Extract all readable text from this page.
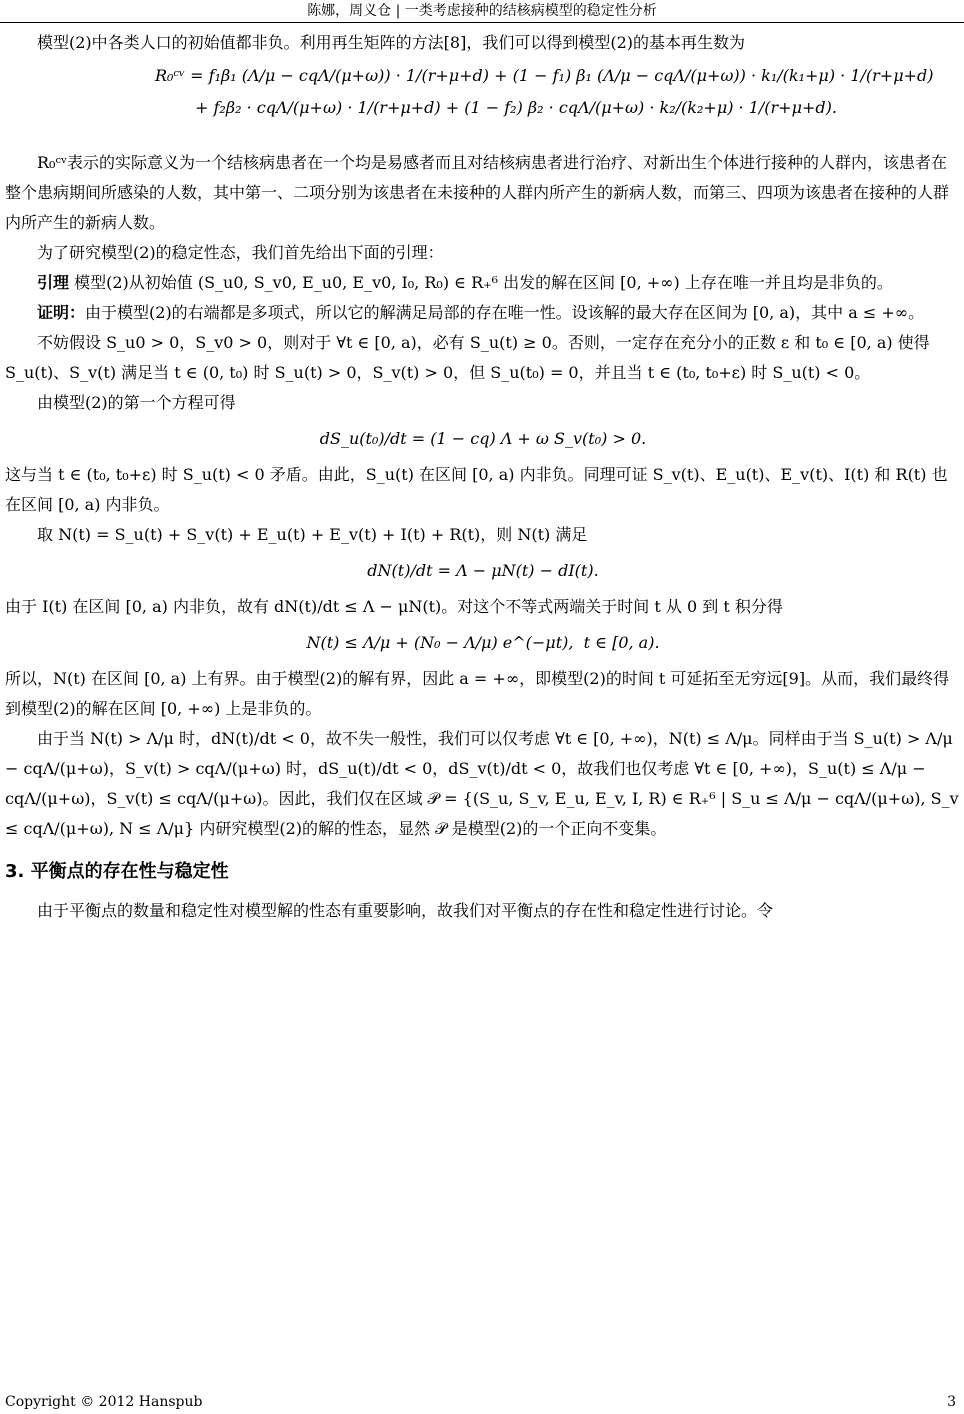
陈娜，周义仓 | 一类考虑接种的结核病模型的稳定性分析

模型(2)中各类人口的初始值都非负。利用再生矩阵的方法[8]，我们可以得到模型(2)的基本再生数为

R₀ᶜᵛ = f₁β₁ (Λ/μ − cqΛ/(μ+ω)) · 1/(r+μ+d) + (1 − f₁) β₁ (Λ/μ − cqΛ/(μ+ω)) · k₁/(k₁+μ) · 1/(r+μ+d)
+ f₂β₂ · cqΛ/(μ+ω) · 1/(r+μ+d) + (1 − f₂) β₂ · cqΛ/(μ+ω) · k₂/(k₂+μ) · 1/(r+μ+d).

R₀ᶜᵛ表示的实际意义为一个结核病患者在一个均是易感者而且对结核病患者进行治疗、对新出生个体进行接种的人群内，该患者在整个患病期间所感染的人数，其中第一、二项分别为该患者在未接种的人群内所产生的新病人数，而第三、四项为该患者在接种的人群内所产生的新病人数。

为了研究模型(2)的稳定性态，我们首先给出下面的引理：

引理 模型(2)从初始值 (S_u0, S_v0, E_u0, E_v0, I₀, R₀) ∈ R₊⁶ 出发的解在区间 [0, +∞) 上存在唯一并且均是非负的。

证明：由于模型(2)的右端都是多项式，所以它的解满足局部的存在唯一性。设该解的最大存在区间为 [0, a)，其中 a ≤ +∞。

不妨假设 S_u0 > 0，S_v0 > 0，则对于 ∀t ∈ [0, a)，必有 S_u(t) ≥ 0。否则，一定存在充分小的正数 ε 和 t₀ ∈ [0, a) 使得 S_u(t)、S_v(t) 满足当 t ∈ (0, t₀) 时 S_u(t) > 0，S_v(t) > 0，但 S_u(t₀) = 0，并且当 t ∈ (t₀, t₀+ε) 时 S_u(t) < 0。

由模型(2)的第一个方程可得

dS_u(t₀)/dt = (1 − cq) Λ + ω S_v(t₀) > 0.

这与当 t ∈ (t₀, t₀+ε) 时 S_u(t) < 0 矛盾。由此，S_u(t) 在区间 [0, a) 内非负。同理可证 S_v(t)、E_u(t)、E_v(t)、I(t) 和 R(t) 也在区间 [0, a) 内非负。

取 N(t) = S_u(t) + S_v(t) + E_u(t) + E_v(t) + I(t) + R(t)，则 N(t) 满足

dN(t)/dt = Λ − μN(t) − dI(t).

由于 I(t) 在区间 [0, a) 内非负，故有 dN(t)/dt ≤ Λ − μN(t)。对这个不等式两端关于时间 t 从 0 到 t 积分得

N(t) ≤ Λ/μ + (N₀ − Λ/μ) e^(−μt),  t ∈ [0, a).

所以，N(t) 在区间 [0, a) 上有界。由于模型(2)的解有界，因此 a = +∞，即模型(2)的时间 t 可延拓至无穷远[9]。从而，我们最终得到模型(2)的解在区间 [0, +∞) 上是非负的。

由于当 N(t) > Λ/μ 时，dN(t)/dt < 0，故不失一般性，我们可以仅考虑 ∀t ∈ [0, +∞)，N(t) ≤ Λ/μ。同样由于当 S_u(t) > Λ/μ − cqΛ/(μ+ω)，S_v(t) > cqΛ/(μ+ω) 时，dS_u(t)/dt < 0，dS_v(t)/dt < 0，故我们也仅考虑 ∀t ∈ [0, +∞)，S_u(t) ≤ Λ/μ − cqΛ/(μ+ω)，S_v(t) ≤ cqΛ/(μ+ω)。因此，我们仅在区域 𝒫 = {(S_u, S_v, E_u, E_v, I, R) ∈ R₊⁶ | S_u ≤ Λ/μ − cqΛ/(μ+ω), S_v ≤ cqΛ/(μ+ω), N ≤ Λ/μ} 内研究模型(2)的解的性态，显然 𝒫 是模型(2)的一个正向不变集。

3. 平衡点的存在性与稳定性

由于平衡点的数量和稳定性对模型解的性态有重要影响，故我们对平衡点的存在性和稳定性进行讨论。令

Copyright © 2012 Hanspub	3
